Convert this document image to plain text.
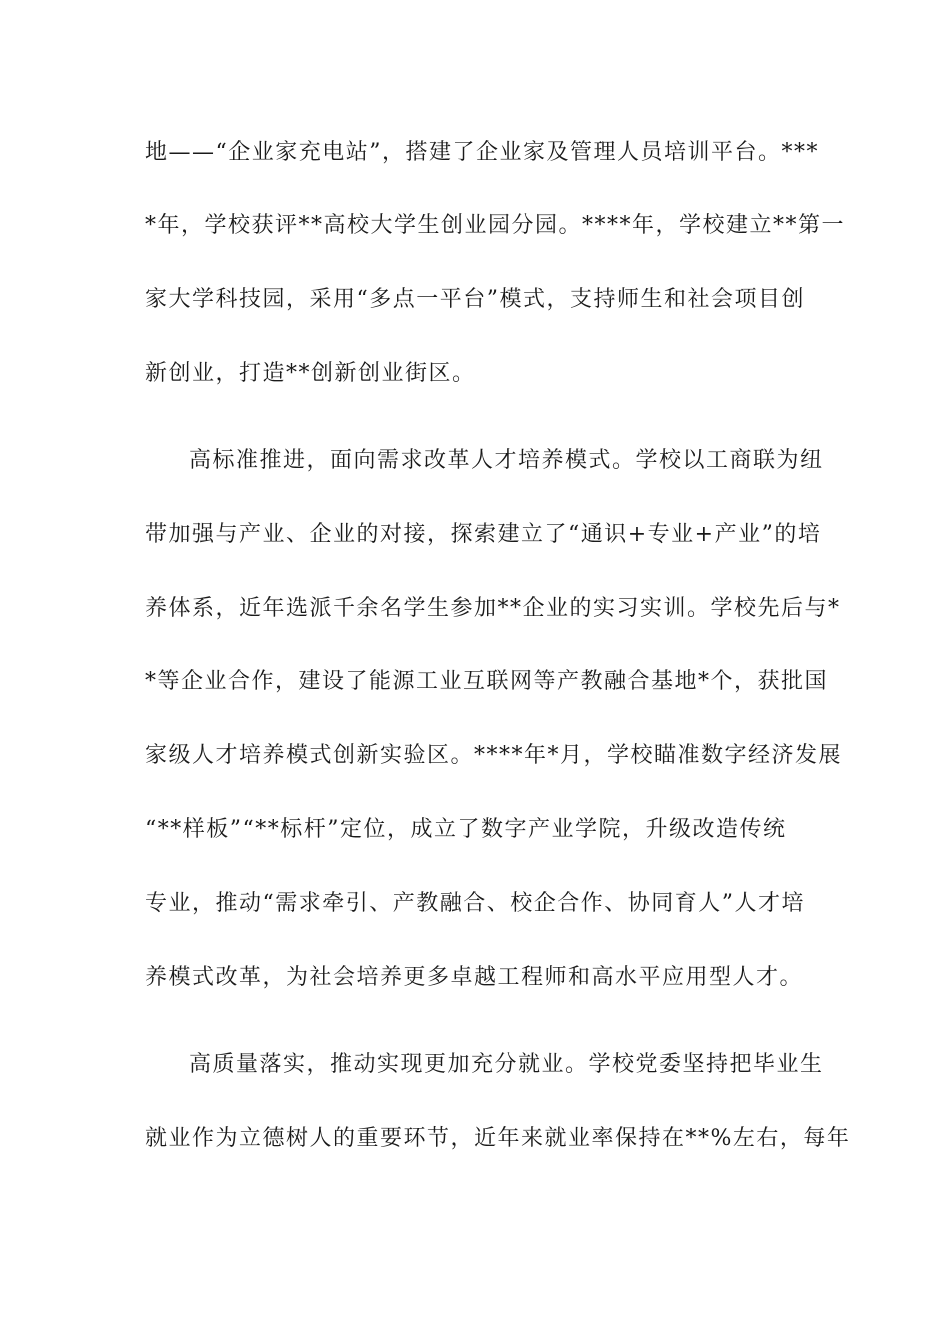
地——“企业家充电站”，搭建了企业家及管理人员培训平台。***
*年，学校获评**高校大学生创业园分园。****年，学校建立**第一
家大学科技园，采用“多点一平台”模式，支持师生和社会项目创
新创业，打造**创新创业街区。
高标准推进，面向需求改革人才培养模式。学校以工商联为纽
带加强与产业、企业的对接，探索建立了“通识+专业+产业”的培
养体系，近年选派千余名学生参加**企业的实习实训。学校先后与*
*等企业合作，建设了能源工业互联网等产教融合基地*个，获批国
家级人才培养模式创新实验区。****年*月，学校瞄准数字经济发展
“**样板”“**标杆”定位，成立了数字产业学院，升级改造传统
专业，推动“需求牵引、产教融合、校企合作、协同育人”人才培
养模式改革，为社会培养更多卓越工程师和高水平应用型人才。
高质量落实，推动实现更加充分就业。学校党委坚持把毕业生
就业作为立德树人的重要环节，近年来就业率保持在**%左右，每年
